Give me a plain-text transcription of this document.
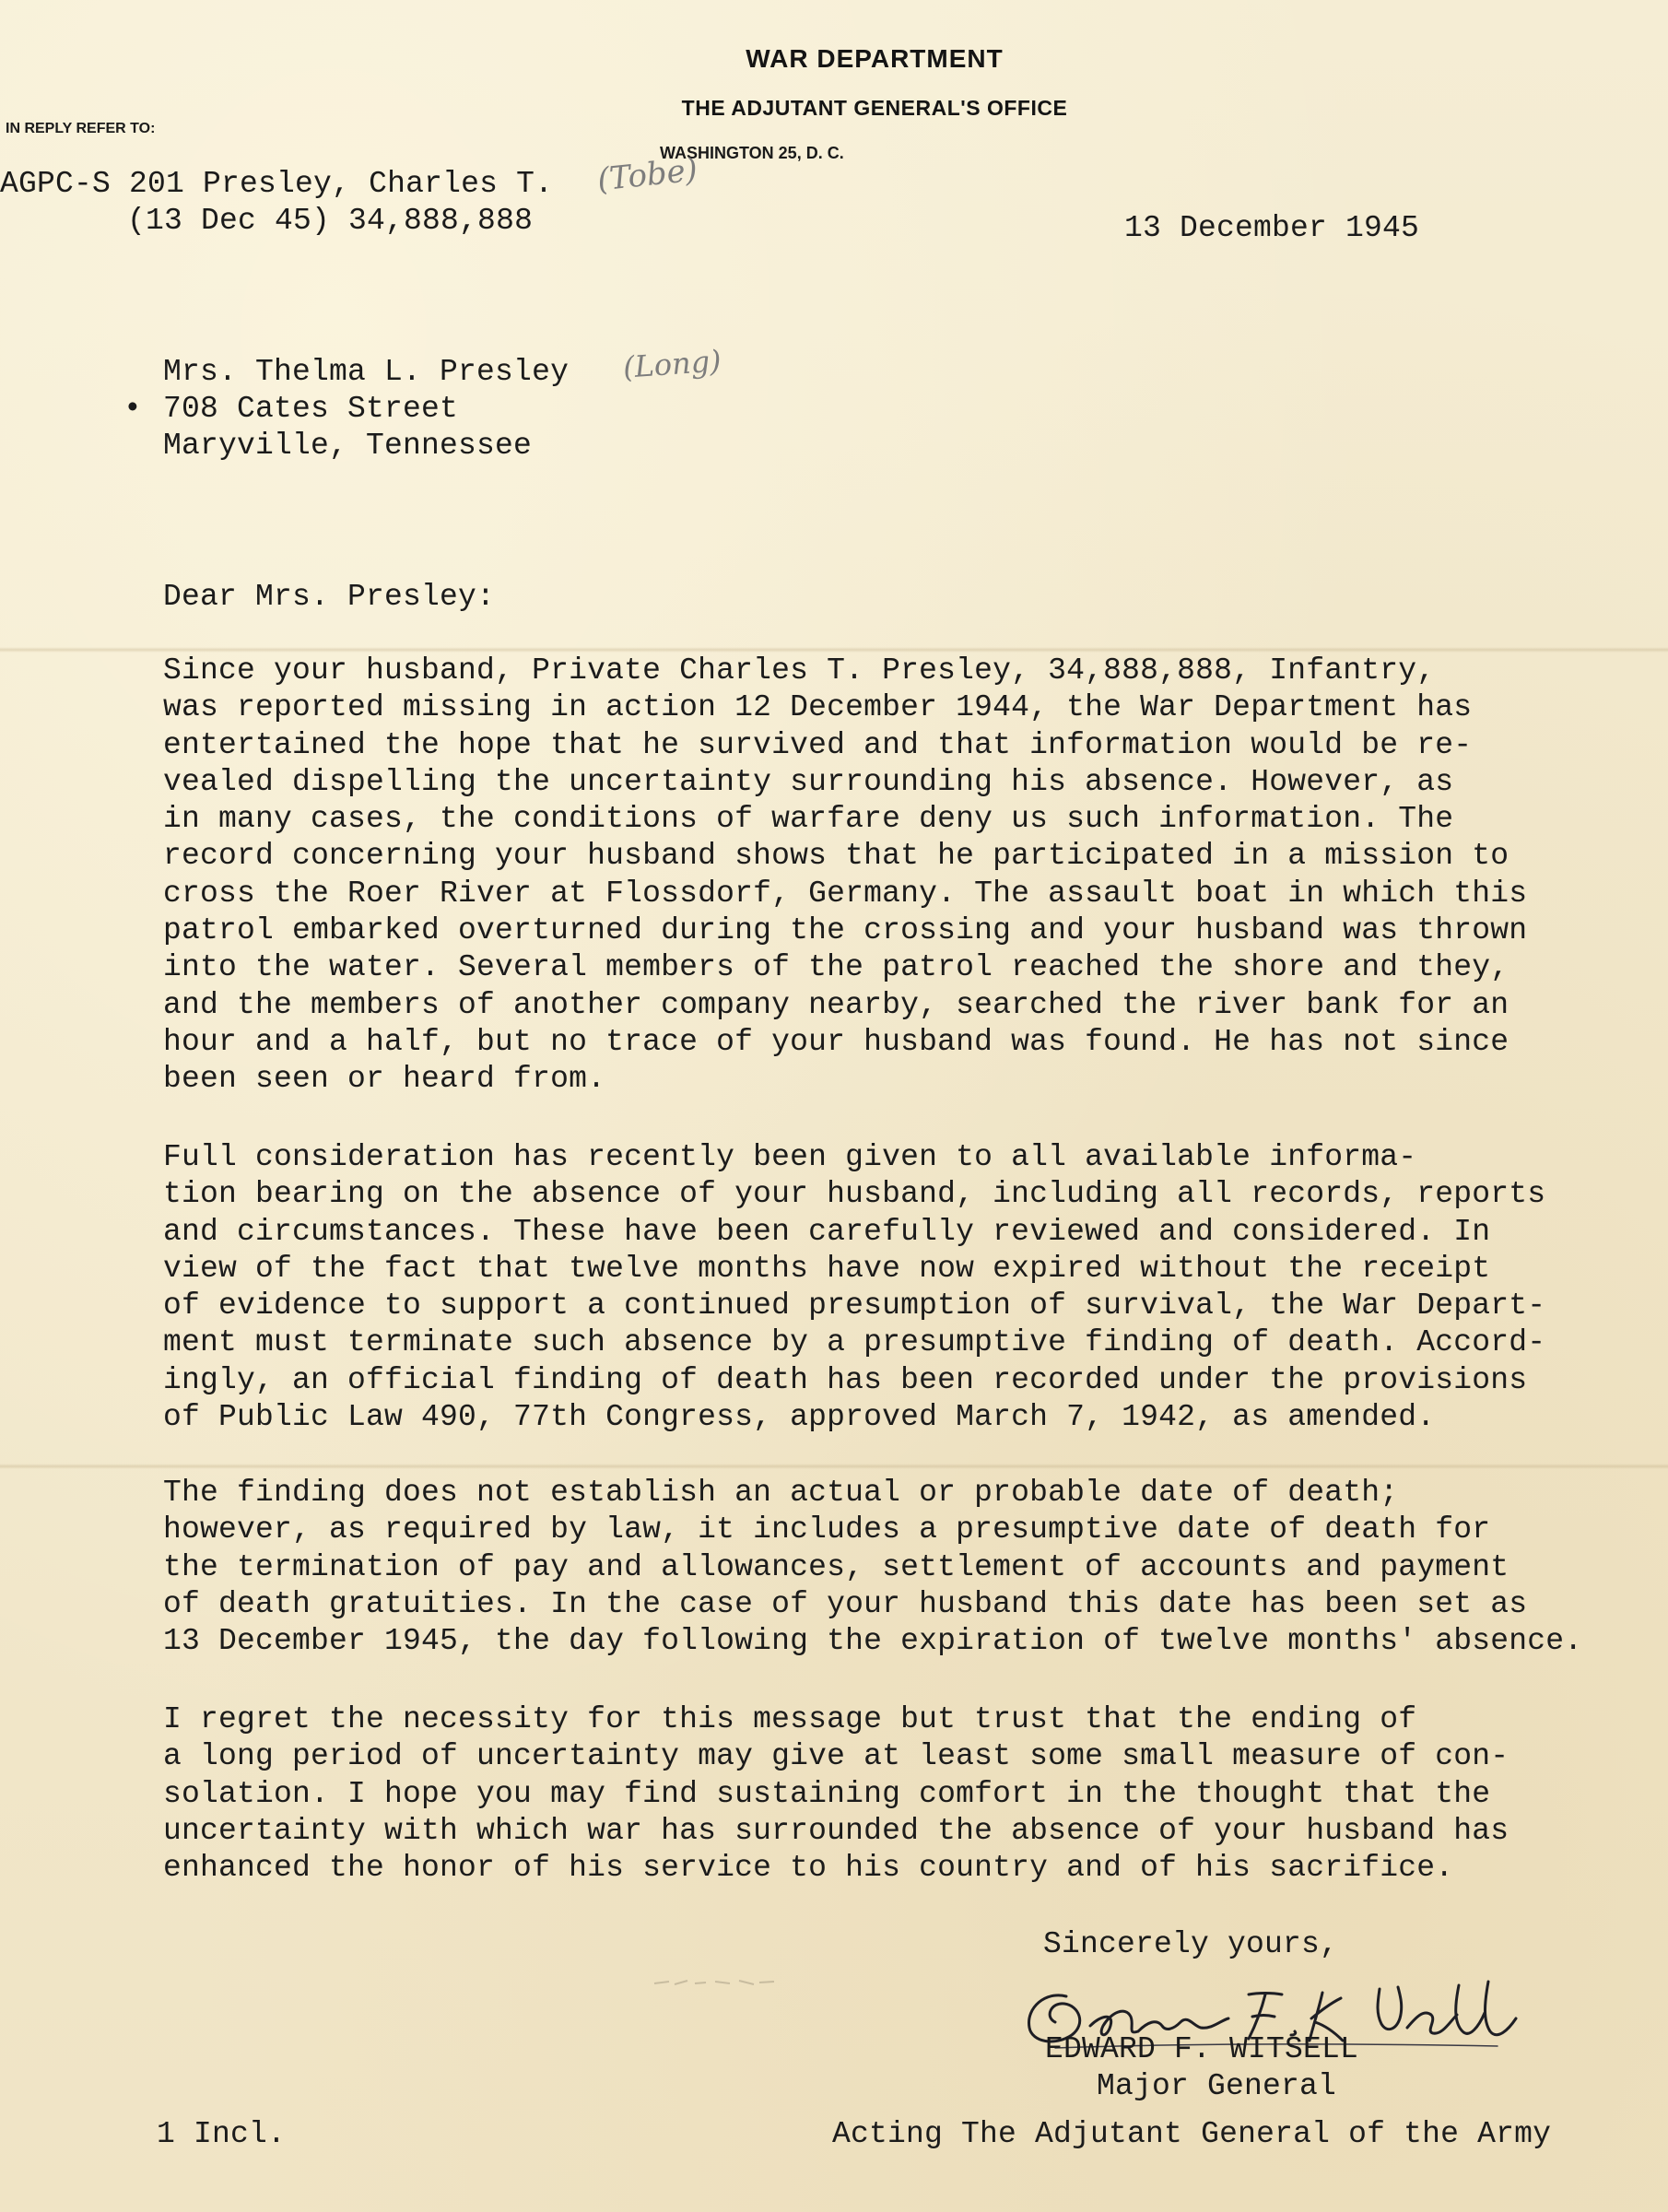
WAR DEPARTMENT
THE ADJUTANT GENERAL'S OFFICE
WASHINGTON 25, D. C.
IN REPLY REFER TO:
AGPC-S 201 Presley, Charles T.
(13 Dec 45) 34,888,888
(Tobe)
13 December 1945
Mrs. Thelma L. Presley (Long)
• 708 Cates Street
Maryville, Tennessee
Dear Mrs. Presley:
Since your husband, Private Charles T. Presley, 34,888,888, Infantry,
was reported missing in action 12 December 1944, the War Department has
entertained the hope that he survived and that information would be re-
vealed dispelling the uncertainty surrounding his absence. However, as
in many cases, the conditions of warfare deny us such information. The
record concerning your husband shows that he participated in a mission to
cross the Roer River at Flossdorf, Germany. The assault boat in which this
patrol embarked overturned during the crossing and your husband was thrown
into the water. Several members of the patrol reached the shore and they,
and the members of another company nearby, searched the river bank for an
hour and a half, but no trace of your husband was found. He has not since
been seen or heard from.
Full consideration has recently been given to all available informa-
tion bearing on the absence of your husband, including all records, reports
and circumstances. These have been carefully reviewed and considered. In
view of the fact that twelve months have now expired without the receipt
of evidence to support a continued presumption of survival, the War Depart-
ment must terminate such absence by a presumptive finding of death. Accord-
ingly, an official finding of death has been recorded under the provisions
of Public Law 490, 77th Congress, approved March 7, 1942, as amended.
The finding does not establish an actual or probable date of death;
however, as required by law, it includes a presumptive date of death for
the termination of pay and allowances, settlement of accounts and payment
of death gratuities. In the case of your husband this date has been set as
13 December 1945, the day following the expiration of twelve months' absence.
I regret the necessity for this message but trust that the ending of
a long period of uncertainty may give at least some small measure of con-
solation. I hope you may find sustaining comfort in the thought that the
uncertainty with which war has surrounded the absence of your husband has
enhanced the honor of his service to his country and of his sacrifice.
Sincerely yours,
EDWARD F. WITSELL
Major General
Acting The Adjutant General of the Army
1 Incl.
